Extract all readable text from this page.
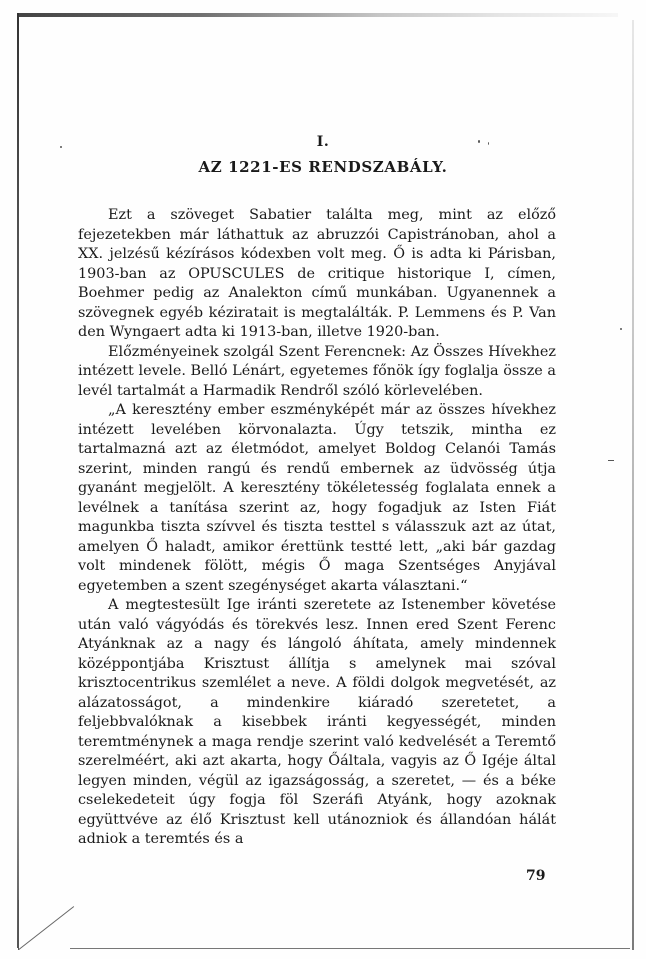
I.
AZ 1221-ES RENDSZABÁLY.

Ezt a szöveget Sabatier találta meg, mint az előző fejezetekben már láthattuk az abruzzói Capistránoban, ahol a XX. jelzésű kézírásos kódexben volt meg. Ő is adta ki Párisban, 1903-ban az OPUSCULES de critique historique I, címen, Boehmer pedig az Analekton című munkában. Ugyanennek a szövegnek egyéb kéziratait is megtalálták. P. Lemmens és P. Van den Wyngaert adta ki 1913-ban, illetve 1920-ban.

Előzményeinek szolgál Szent Ferencnek: Az Összes Hívekhez intézett levele. Belló Lénárt, egyetemes főnök így foglalja össze a levél tartalmát a Harmadik Rendről szóló körlevelében.

„A keresztény ember eszményképét már az összes hívekhez intézett levelében körvonalazta. Úgy tetszik, mintha ez tartalmazná azt az életmódot, amelyet Boldog Celanói Tamás szerint, minden rangú és rendű embernek az üdvösség útja gyanánt megjelölt. A keresztény tökéletesség foglalata ennek a levélnek a tanítása szerint az, hogy fogadjuk az Isten Fiát magunkba tiszta szívvel és tiszta testtel s válasszuk azt az útat, amelyen Ő haladt, amikor érettünk testté lett, „aki bár gazdag volt mindenek fölött, mégis Ő maga Szentséges Anyjával egyetemben a szent szegénységet akarta választani.“

A megtestesült Ige iránti szeretete az Istenember követése után való vágyódás és törekvés lesz. Innen ered Szent Ferenc Atyánknak az a nagy és lángoló áhítata, amely mindennek középpontjába Krisztust állítja s amelynek mai szóval krisztocentrikus szemlélet a neve. A földi dolgok megvetését, az alázatosságot, a mindenkire kiáradó szeretetet, a feljebbvalóknak a kisebbek iránti kegyességét, minden teremtménynek a maga rendje szerint való kedvelését a Teremtő szerelméért, aki azt akarta, hogy Őáltala, vagyis az Ő Igéje által legyen minden, végül az igazságosság, a szeretet, — és a béke cselekedeteit úgy fogja föl Szeráfi Atyánk, hogy azoknak együttvéve az élő Krisztust kell utánozniok és állandóan hálát adniok a teremtés és a

79
